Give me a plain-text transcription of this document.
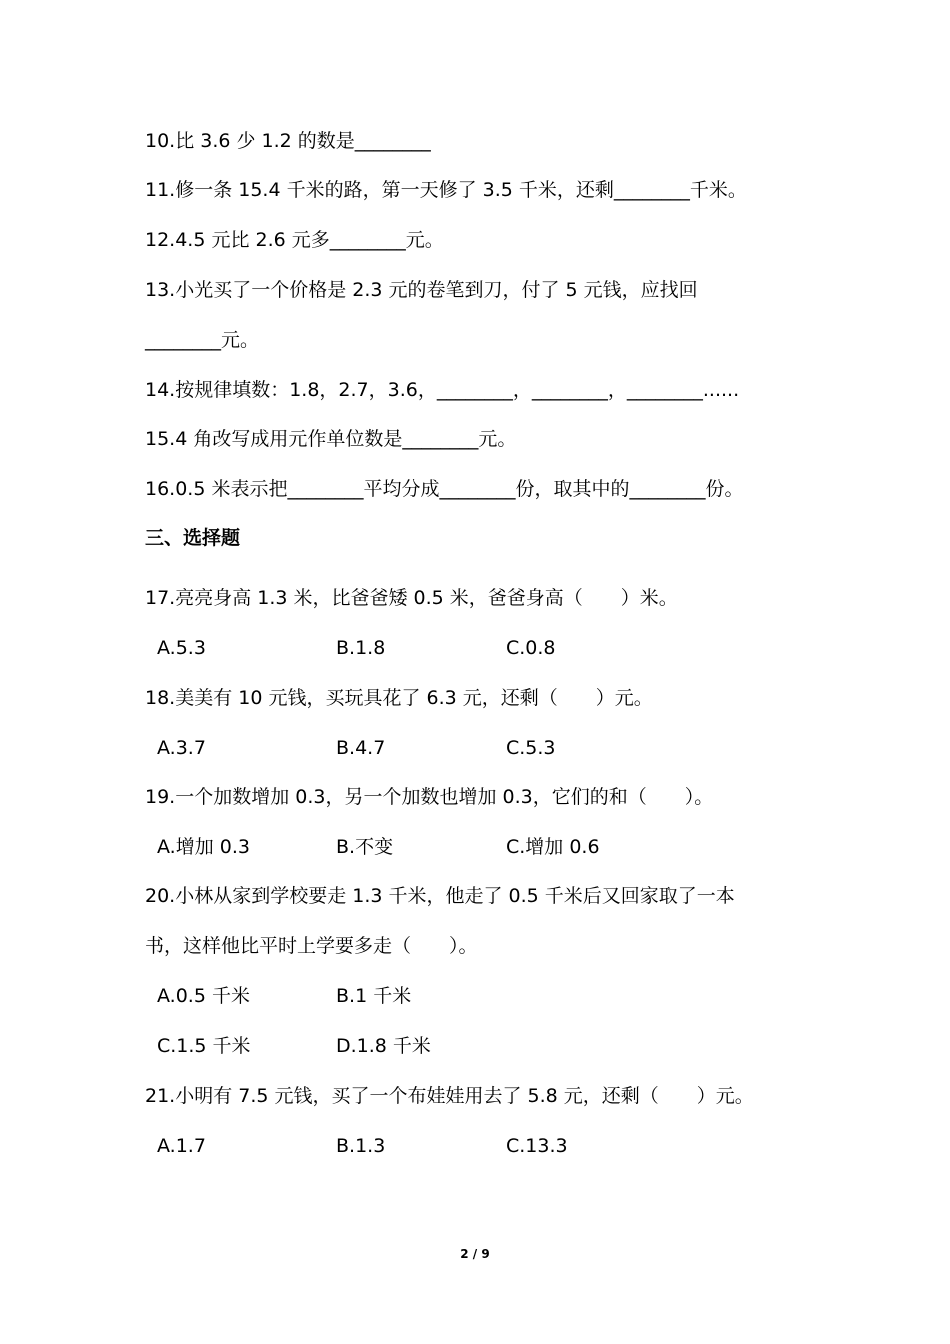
10.比 3.6 少 1.2 的数是________
11.修一条 15.4 千米的路，第一天修了 3.5 千米，还剩________千米。
12.4.5 元比 2.6 元多________元。
13.小光买了一个价格是 2.3 元的卷笔到刀，付了 5 元钱，应找回
________元。
14.按规律填数：1.8，2.7，3.6，________，________，________......
15.4 角改写成用元作单位数是________元。
16.0.5 米表示把________平均分成________份，取其中的________份。
三、选择题
17.亮亮身高 1.3 米，比爸爸矮 0.5 米，爸爸身高（　　）米。
A.5.3	B.1.8	C.0.8
18.美美有 10 元钱，买玩具花了 6.3 元，还剩（　　）元。
A.3.7	B.4.7	C.5.3
19.一个加数增加 0.3，另一个加数也增加 0.3，它们的和（　　）。
A.增加 0.3	B.不变	C.增加 0.6
20.小林从家到学校要走 1.3 千米，他走了 0.5 千米后又回家取了一本
书，这样他比平时上学要多走（　　）。
A.0.5 千米	B.1 千米
C.1.5 千米	D.1.8 千米
21.小明有 7.5 元钱，买了一个布娃娃用去了 5.8 元，还剩（　　）元。
A.1.7	B.1.3	C.13.3
2 / 9
